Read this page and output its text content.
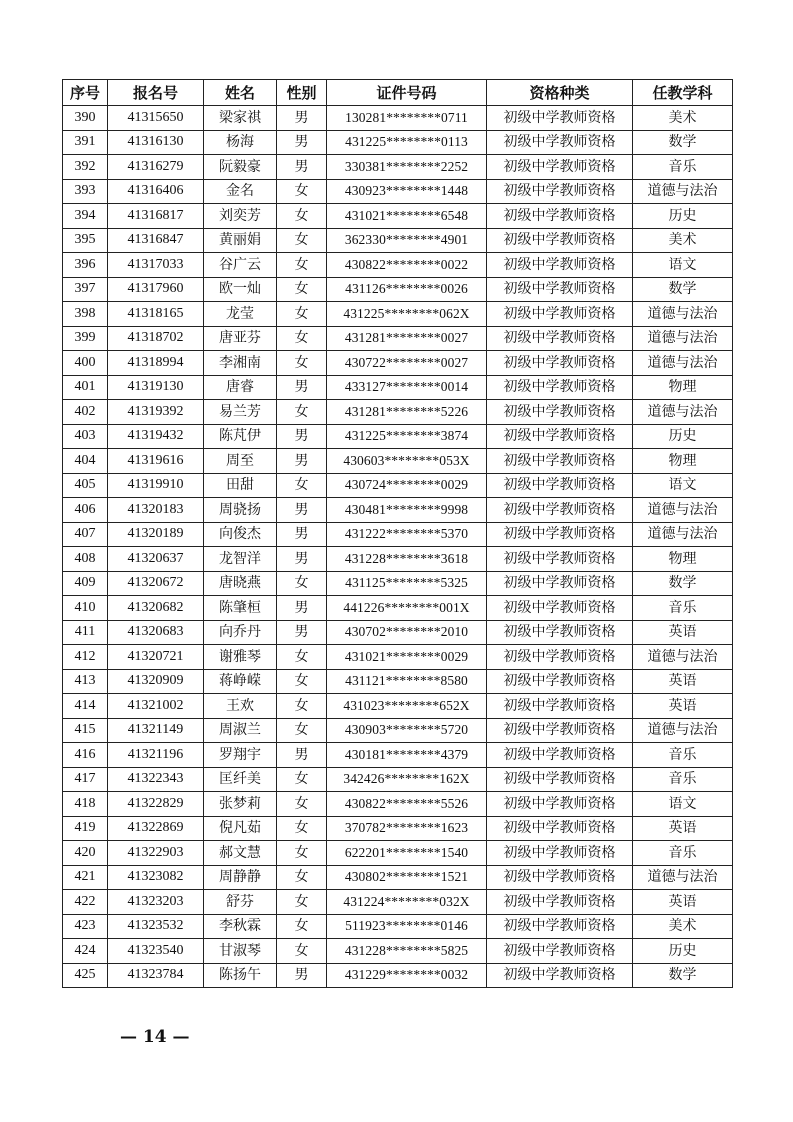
序号	报名号	姓名	性别	证件号码	资格种类	任教学科
390	41315650	梁家祺	男	130281********0711	初级中学教师资格	美术
391	41316130	杨海	男	431225********0113	初级中学教师资格	数学
392	41316279	阮毅豪	男	330381********2252	初级中学教师资格	音乐
393	41316406	金名	女	430923********1448	初级中学教师资格	道德与法治
394	41316817	刘奕芳	女	431021********6548	初级中学教师资格	历史
395	41316847	黄丽娟	女	362330********4901	初级中学教师资格	美术
396	41317033	谷广云	女	430822********0022	初级中学教师资格	语文
397	41317960	欧一灿	女	431126********0026	初级中学教师资格	数学
398	41318165	龙莹	女	431225********062X	初级中学教师资格	道德与法治
399	41318702	唐亚芬	女	431281********0027	初级中学教师资格	道德与法治
400	41318994	李湘南	女	430722********0027	初级中学教师资格	道德与法治
401	41319130	唐睿	男	433127********0014	初级中学教师资格	物理
402	41319392	易兰芳	女	431281********5226	初级中学教师资格	道德与法治
403	41319432	陈芃伊	男	431225********3874	初级中学教师资格	历史
404	41319616	周至	男	430603********053X	初级中学教师资格	物理
405	41319910	田甜	女	430724********0029	初级中学教师资格	语文
406	41320183	周骁扬	男	430481********9998	初级中学教师资格	道德与法治
407	41320189	向俊杰	男	431222********5370	初级中学教师资格	道德与法治
408	41320637	龙智洋	男	431228********3618	初级中学教师资格	物理
409	41320672	唐晓燕	女	431125********5325	初级中学教师资格	数学
410	41320682	陈肇桓	男	441226********001X	初级中学教师资格	音乐
411	41320683	向乔丹	男	430702********2010	初级中学教师资格	英语
412	41320721	谢雅琴	女	431021********0029	初级中学教师资格	道德与法治
413	41320909	蒋峥嵘	女	431121********8580	初级中学教师资格	英语
414	41321002	王欢	女	431023********652X	初级中学教师资格	英语
415	41321149	周淑兰	女	430903********5720	初级中学教师资格	道德与法治
416	41321196	罗翔宇	男	430181********4379	初级中学教师资格	音乐
417	41322343	匡纤美	女	342426********162X	初级中学教师资格	音乐
418	41322829	张梦莉	女	430822********5526	初级中学教师资格	语文
419	41322869	倪凡茹	女	370782********1623	初级中学教师资格	英语
420	41322903	郝文慧	女	622201********1540	初级中学教师资格	音乐
421	41323082	周静静	女	430802********1521	初级中学教师资格	道德与法治
422	41323203	舒芬	女	431224********032X	初级中学教师资格	英语
423	41323532	李秋霖	女	511923********0146	初级中学教师资格	美术
424	41323540	甘淑琴	女	431228********5825	初级中学教师资格	历史
425	41323784	陈扬午	男	431229********0032	初级中学教师资格	数学
— 14 —
